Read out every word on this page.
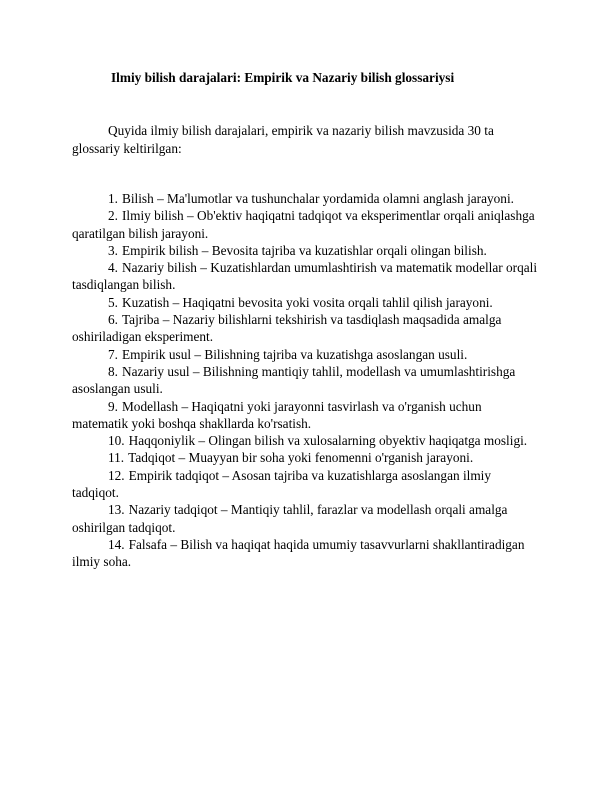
Ilmiy bilish darajalari: Empirik va Nazariy bilish glossariysi

Quyida ilmiy bilish darajalari, empirik va nazariy bilish mavzusida 30 ta glossariy keltirilgan:

1. Bilish – Ma'lumotlar va tushunchalar yordamida olamni anglash jarayoni.
2. Ilmiy bilish – Ob'ektiv haqiqatni tadqiqot va eksperimentlar orqali aniqlashga qaratilgan bilish jarayoni.
3. Empirik bilish – Bevosita tajriba va kuzatishlar orqali olingan bilish.
4. Nazariy bilish – Kuzatishlardan umumlashtirish va matematik modellar orqali tasdiqlangan bilish.
5. Kuzatish – Haqiqatni bevosita yoki vosita orqali tahlil qilish jarayoni.
6. Tajriba – Nazariy bilishlarni tekshirish va tasdiqlash maqsadida amalga oshiriladigan eksperiment.
7. Empirik usul – Bilishning tajriba va kuzatishga asoslangan usuli.
8. Nazariy usul – Bilishning mantiqiy tahlil, modellash va umumlashtirishga asoslangan usuli.
9. Modellash – Haqiqatni yoki jarayonni tasvirlash va o'rganish uchun matematik yoki boshqa shakllarda ko'rsatish.
10. Haqqoniylik – Olingan bilish va xulosalarning obyektiv haqiqatga mosligi.
11. Tadqiqot – Muayyan bir soha yoki fenomenni o'rganish jarayoni.
12. Empirik tadqiqot – Asosan tajriba va kuzatishlarga asoslangan ilmiy tadqiqot.
13. Nazariy tadqiqot – Mantiqiy tahlil, farazlar va modellash orqali amalga oshirilgan tadqiqot.
14. Falsafa – Bilish va haqiqat haqida umumiy tasavvurlarni shakllantiradigan ilmiy soha.
